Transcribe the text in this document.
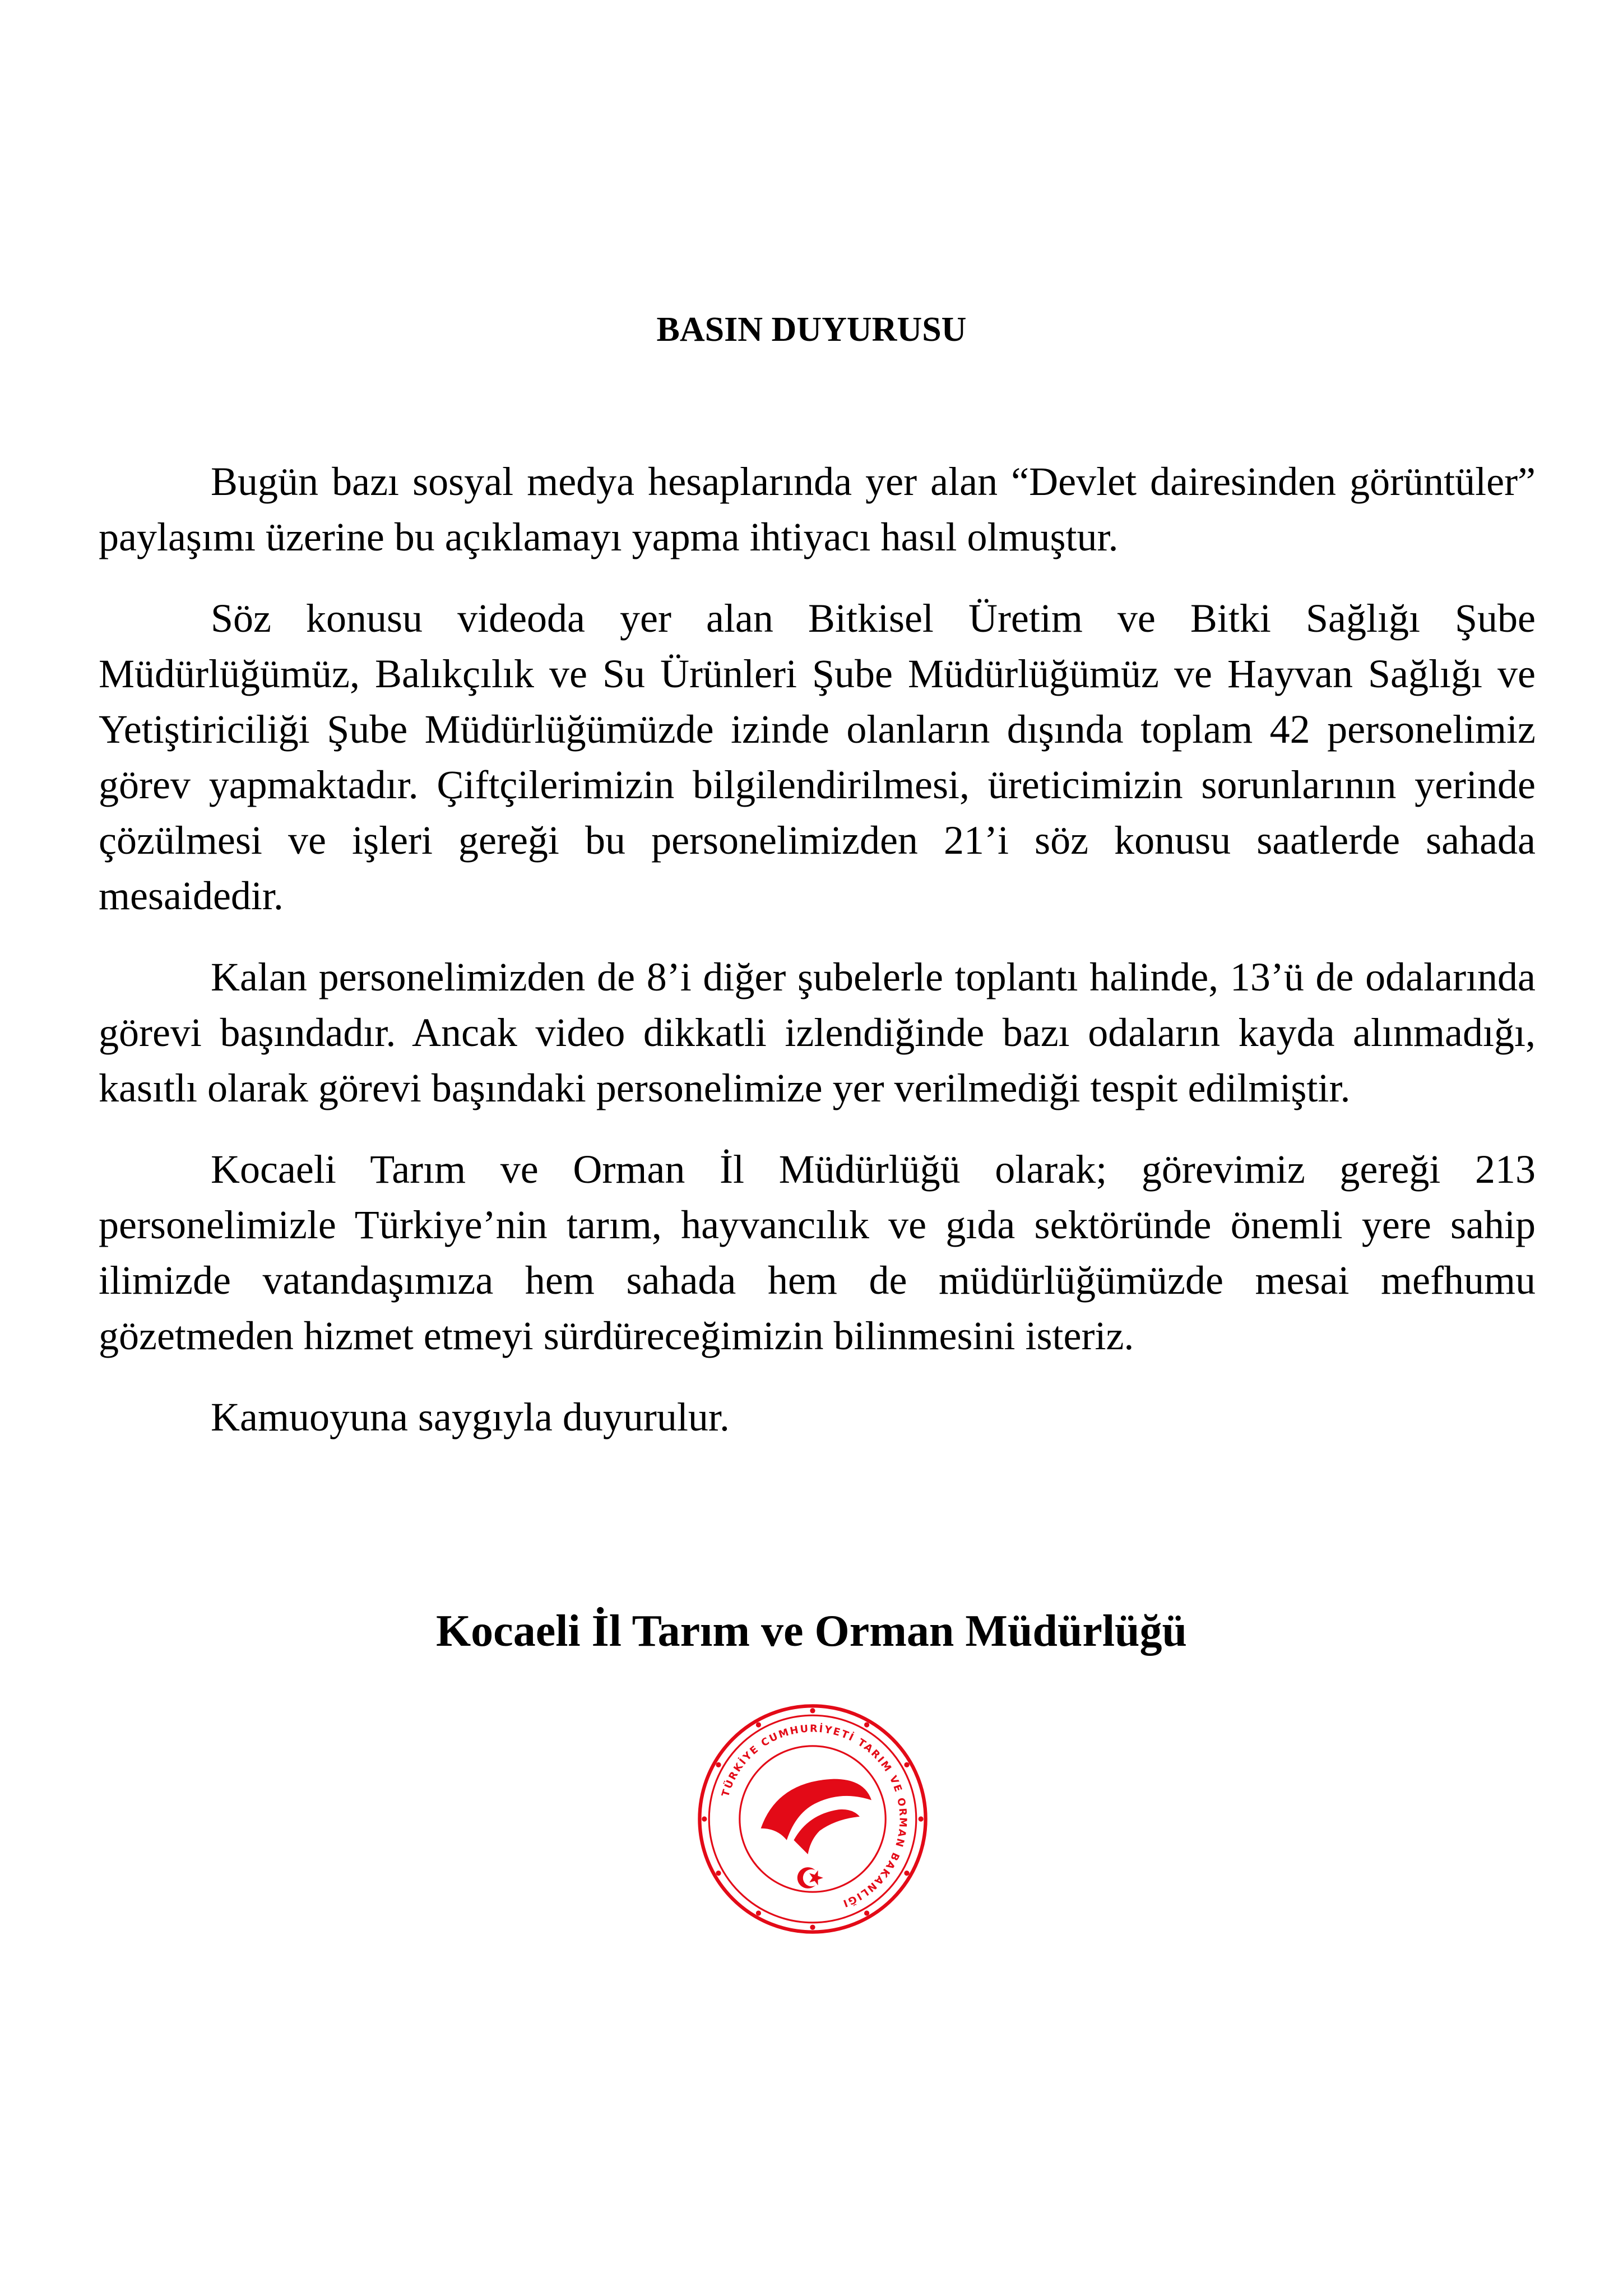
BASIN DUYURUSU

Bugün bazı sosyal medya hesaplarında yer alan “Devlet dairesinden görüntüler” paylaşımı üzerine bu açıklamayı yapma ihtiyacı hasıl olmuştur.

Söz konusu videoda yer alan Bitkisel Üretim ve Bitki Sağlığı Şube Müdürlüğümüz, Balıkçılık ve Su Ürünleri Şube Müdürlüğümüz ve Hayvan Sağlığı ve Yetiştiriciliği Şube Müdürlüğümüzde izinde olanların dışında toplam 42 personelimiz görev yapmaktadır. Çiftçilerimizin bilgilendirilmesi, üreticimizin sorunlarının yerinde çözülmesi ve işleri gereği bu personelimizden 21’i söz konusu saatlerde sahada mesaidedir.

Kalan personelimizden de 8’i diğer şubelerle toplantı halinde, 13’ü de odalarında görevi başındadır. Ancak video dikkatli izlendiğinde bazı odaların kayda alınmadığı, kasıtlı olarak görevi başındaki personelimize yer verilmediği tespit edilmiştir.

Kocaeli Tarım ve Orman İl Müdürlüğü olarak; görevimiz gereği 213 personelimizle Türkiye’nin tarım, hayvancılık ve gıda sektöründe önemli yere sahip ilimizde vatandaşımıza hem sahada hem de müdürlüğümüzde mesai mefhumu gözetmeden hizmet etmeyi sürdüreceğimizin bilinmesini isteriz.

Kamuoyuna saygıyla duyurulur.

Kocaeli İl Tarım ve Orman Müdürlüğü
TÜRKİYE CUMHURİYETİ TARIM VE ORMAN BAKANLIĞI
